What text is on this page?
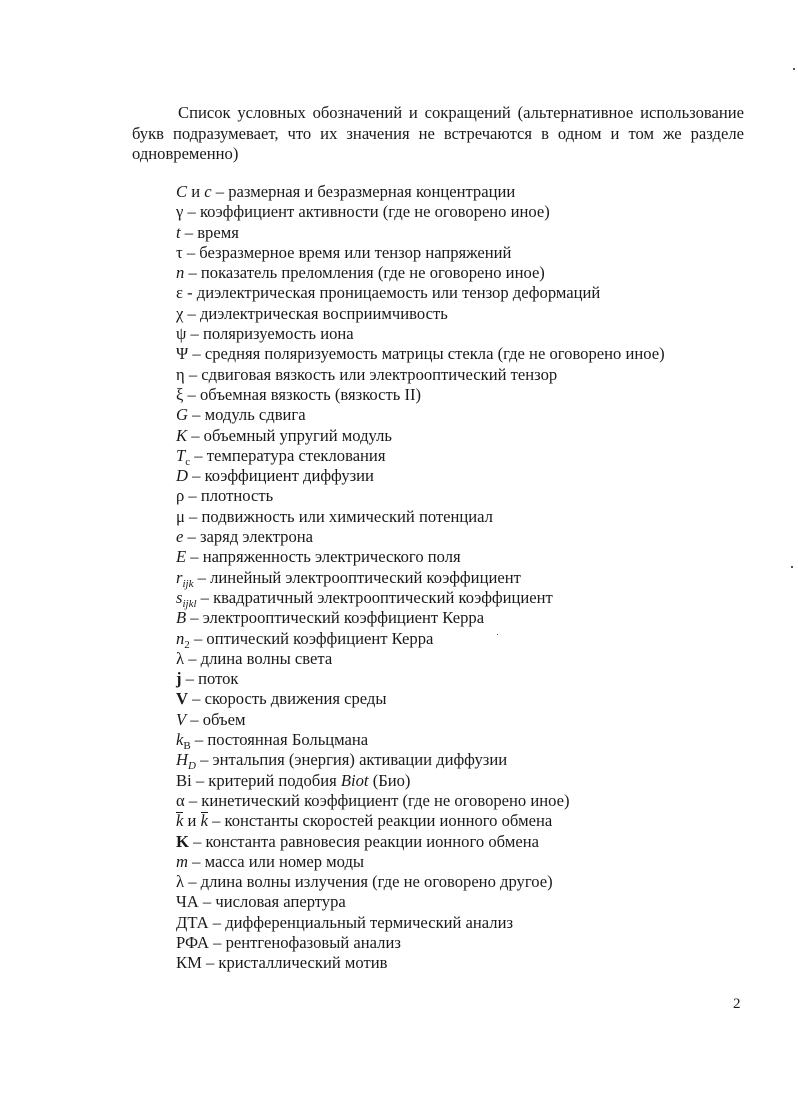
Список условных обозначений и сокращений (альтернативное использование букв подразумевает, что их значения не встречаются в одном и том же разделе одновременно)

C и c – размерная и безразмерная концентрации
γ – коэффициент активности (где не оговорено иное)
t – время
τ – безразмерное время или тензор напряжений
n – показатель преломления (где не оговорено иное)
ε - диэлектрическая проницаемость или тензор деформаций
χ – диэлектрическая восприимчивость
ψ – поляризуемость иона
Ψ – средняя поляризуемость матрицы стекла (где не оговорено иное)
η – сдвиговая вязкость или электрооптический тензор
ξ – объемная вязкость (вязкость II)
G – модуль сдвига
K – объемный упругий модуль
$T_c$ – температура стеклования
D – коэффициент диффузии
ρ – плотность
μ – подвижность или химический потенциал
e – заряд электрона
E – напряженность электрического поля
$r_{ijk}$ – линейный электрооптический коэффициент
$s_{ijkl}$ – квадратичный электрооптический коэффициент
B – электрооптический коэффициент Керра
$n_2$ – оптический коэффициент Керра
λ – длина волны света
j – поток
V – скорость движения среды
V – объем
$k_B$ – постоянная Больцмана
$H_D$ – энтальпия (энергия) активации диффузии
Bi – критерий подобия Biot (Био)
α – кинетический коэффициент (где не оговорено иное)
k и k – константы скоростей реакции ионного обмена
K – константа равновесия реакции ионного обмена
m – масса или номер моды
λ – длина волны излучения (где не оговорено другое)
ЧА – числовая апертура
ДТА – дифференциальный термический анализ
РФА – рентгенофазовый анализ
КМ – кристаллический мотив
2
